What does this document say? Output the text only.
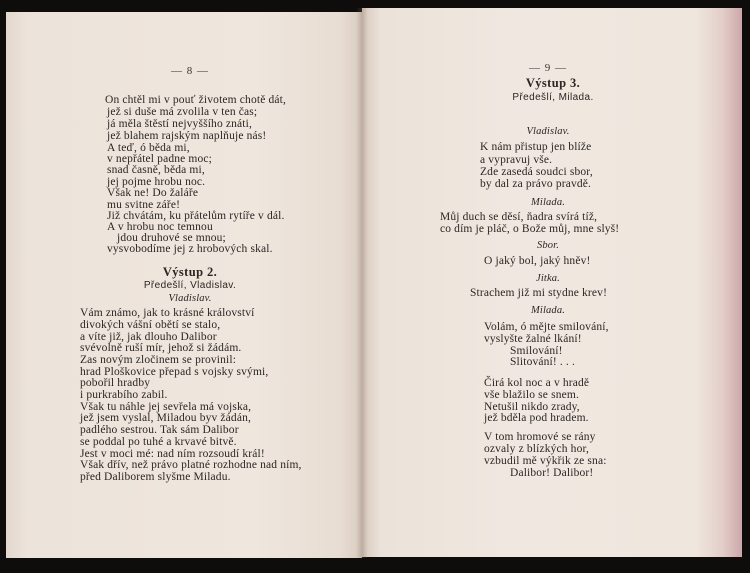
— 8 —
On chtěl mi v pouť životem chotě dát,
jež si duše má zvolila v ten čas;
já měla štěstí nejvyššího znáti,
jež blahem rajským naplňuje nás!
A teď, ó běda mi,
v nepřátel padne moc;
snad časně, běda mi,
jej pojme hrobu noc.
Však ne! Do žaláře
mu svitne záře!
Již chvátám, ku přátelům rytíře v dál.
A v hrobu noc temnou
jdou druhové se mnou;
vysvobodíme jej z hrobových skal.
Výstup 2.
Předešlí, Vladislav.
Vladislav.
Vám známo, jak to krásné království
divokých vášní obětí se stalo,
a víte již, jak dlouho Dalibor
svévolně ruší mír, jehož si žádám.
Zas novým zločinem se provinil:
hrad Ploškovice přepad s vojsky svými,
pobořil hradby
i purkrabího zabil.
Však tu náhle jej sevřela má vojska,
jež jsem vyslal, Miladou byv žádán,
padlého sestrou. Tak sám Dalibor
se poddal po tuhé a krvavé bitvě.
Jest v moci mé: nad ním rozsoudí král!
Však dřív, než právo platné rozhodne nad ním,
před Daliborem slyšme Miladu.
— 9 —
Výstup 3.
Předešlí, Milada.
Vladislav.
K nám přistup jen blíže
a vypravuj vše.
Zde zasedá soudci sbor,
by dal za právo pravdě.
Milada.
Můj duch se děsí, ňadra svírá tíž,
co dím je pláč, o Bože můj, mne slyš!
Sbor.
O jaký bol, jaký hněv!
Jitka.
Strachem již mi stydne krev!
Milada.
Volám, ó mějte smilování,
vyslyšte žalné lkání!
Smilování!
Slitování! . . .
Čirá kol noc a v hradě
vše blažilo se snem.
Netušil nikdo zrady,
jež bděla pod hradem.
V tom hromové se rány
ozvaly z blízkých hor,
vzbudil mě výkřik ze sna:
Dalibor! Dalibor!
